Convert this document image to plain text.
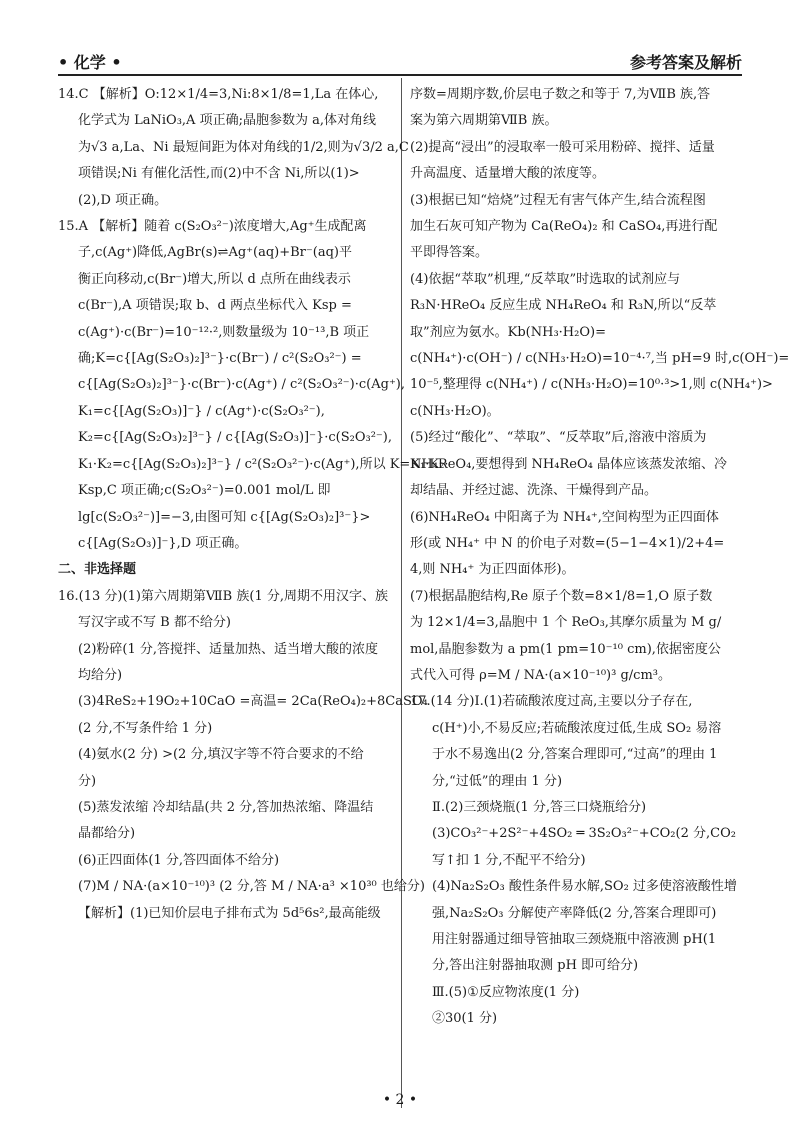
• 化学 •	参考答案及解析
14.C 【解析】O:12×1/4=3,Ni:8×1/8=1,La 在体心,
化学式为 LaNiO₃,A 项正确;晶胞参数为 a,体对角线
为√3 a,La、Ni 最短间距为体对角线的1/2,则为√3/2 a,C
项错误;Ni 有催化活性,而(2)中不含 Ni,所以(1)>
(2),D 项正确。
15.A 【解析】随着 c(S₂O₃²⁻)浓度增大,Ag⁺生成配离
子,c(Ag⁺)降低,AgBr(s)⇌Ag⁺(aq)+Br⁻(aq)平
衡正向移动,c(Br⁻)增大,所以 d 点所在曲线表示
c(Br⁻),A 项错误;取 b、d 两点坐标代入 Ksp =
c(Ag⁺)·c(Br⁻)=10⁻¹²·²,则数量级为 10⁻¹³,B 项正
确;K=c{[Ag(S₂O₃)₂]³⁻}·c(Br⁻) / c²(S₂O₃²⁻) =
c{[Ag(S₂O₃)₂]³⁻}·c(Br⁻)·c(Ag⁺) / c²(S₂O₃²⁻)·c(Ag⁺),
K₁=c{[Ag(S₂O₃)]⁻} / c(Ag⁺)·c(S₂O₃²⁻),
K₂=c{[Ag(S₂O₃)₂]³⁻} / c{[Ag(S₂O₃)]⁻}·c(S₂O₃²⁻),
K₁·K₂=c{[Ag(S₂O₃)₂]³⁻} / c²(S₂O₃²⁻)·c(Ag⁺),所以 K=K₁·K₂·
Ksp,C 项正确;c(S₂O₃²⁻)=0.001 mol/L 即
lg[c(S₂O₃²⁻)]=−3,由图可知 c{[Ag(S₂O₃)₂]³⁻}>
c{[Ag(S₂O₃)]⁻},D 项正确。
二、非选择题
16.(13 分)(1)第六周期第ⅦB 族(1 分,周期不用汉字、族
写汉字或不写 B 都不给分)
(2)粉碎(1 分,答搅拌、适量加热、适当增大酸的浓度
均给分)
(3)4ReS₂+19O₂+10CaO =高温= 2Ca(ReO₄)₂+8CaSO₄
(2 分,不写条件给 1 分)
(4)氨水(2 分) >(2 分,填汉字等不符合要求的不给
分)
(5)蒸发浓缩 冷却结晶(共 2 分,答加热浓缩、降温结
晶都给分)
(6)正四面体(1 分,答四面体不给分)
(7)M / NA·(a×10⁻¹⁰)³ (2 分,答 M / NA·a³ ×10³⁰ 也给分)
【解析】(1)已知价层电子排布式为 5d⁵6s²,最高能级
序数=周期序数,价层电子数之和等于 7,为ⅦB 族,答
案为第六周期第ⅦB 族。
(2)提高“浸出”的浸取率一般可采用粉碎、搅拌、适量
升高温度、适量增大酸的浓度等。
(3)根据已知“焙烧”过程无有害气体产生,结合流程图
加生石灰可知产物为 Ca(ReO₄)₂ 和 CaSO₄,再进行配
平即得答案。
(4)依据“萃取”机理,“反萃取”时选取的试剂应与
R₃N·HReO₄ 反应生成 NH₄ReO₄ 和 R₃N,所以“反萃
取”剂应为氨水。Kb(NH₃·H₂O)=
c(NH₄⁺)·c(OH⁻) / c(NH₃·H₂O)=10⁻⁴·⁷,当 pH=9 时,c(OH⁻)=
10⁻⁵,整理得 c(NH₄⁺) / c(NH₃·H₂O)=10⁰·³>1,则 c(NH₄⁺)>
c(NH₃·H₂O)。
(5)经过“酸化”、“萃取”、“反萃取”后,溶液中溶质为
NH₄ReO₄,要想得到 NH₄ReO₄ 晶体应该蒸发浓缩、冷
却结晶、并经过滤、洗涤、干燥得到产品。
(6)NH₄ReO₄ 中阳离子为 NH₄⁺,空间构型为正四面体
形(或 NH₄⁺ 中 N 的价电子对数=(5−1−4×1)/2+4=
4,则 NH₄⁺ 为正四面体形)。
(7)根据晶胞结构,Re 原子个数=8×1/8=1,O 原子数
为 12×1/4=3,晶胞中 1 个 ReO₃,其摩尔质量为 M g/
mol,晶胞参数为 a pm(1 pm=10⁻¹⁰ cm),依据密度公
式代入可得 ρ=M / NA·(a×10⁻¹⁰)³ g/cm³。
17.(14 分)Ⅰ.(1)若硫酸浓度过高,主要以分子存在,
c(H⁺)小,不易反应;若硫酸浓度过低,生成 SO₂ 易溶
于水不易逸出(2 分,答案合理即可,“过高”的理由 1
分,“过低”的理由 1 分)
Ⅱ.(2)三颈烧瓶(1 分,答三口烧瓶给分)
(3)CO₃²⁻+2S²⁻+4SO₂ ═ 3S₂O₃²⁻+CO₂(2 分,CO₂
写↑扣 1 分,不配平不给分)
(4)Na₂S₂O₃ 酸性条件易水解,SO₂ 过多使溶液酸性增
强,Na₂S₂O₃ 分解使产率降低(2 分,答案合理即可)
用注射器通过细导管抽取三颈烧瓶中溶液测 pH(1
分,答出注射器抽取测 pH 即可给分)
Ⅲ.(5)①反应物浓度(1 分)
②30(1 分)
• 2 •
